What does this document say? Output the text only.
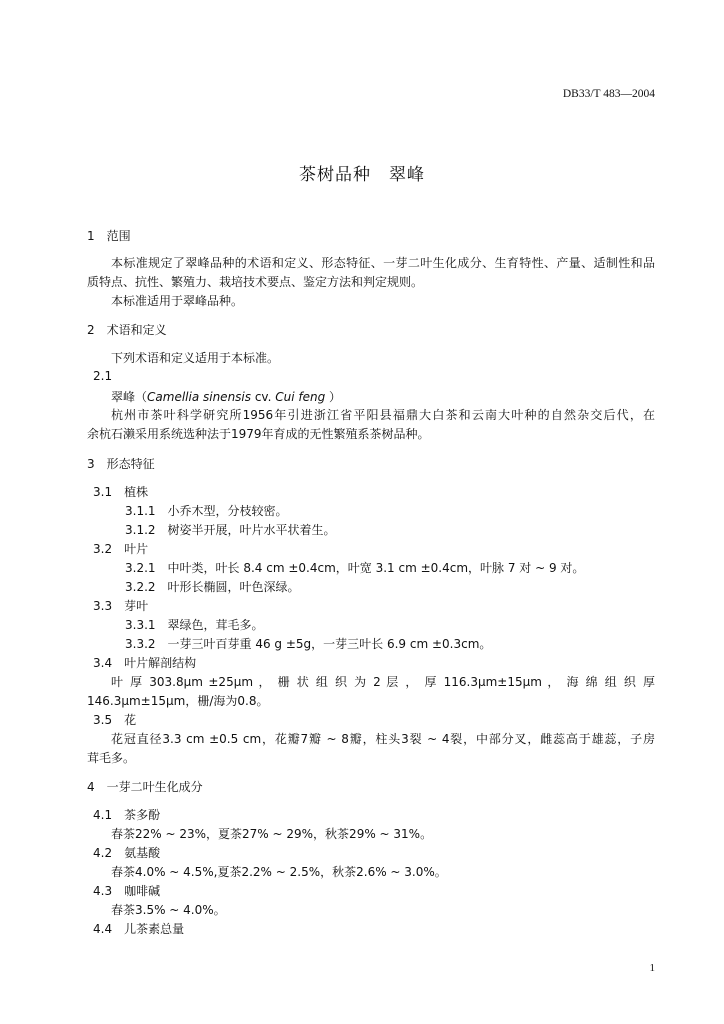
DB33/T 483—2004
茶树品种　翠峰
1　范围
本标准规定了翠峰品种的术语和定义、形态特征、一芽二叶生化成分、生育特性、产量、适制性和品
质特点、抗性、繁殖力、栽培技术要点、鉴定方法和判定规则。
本标准适用于翠峰品种。
2　术语和定义
下列术语和定义适用于本标准。
2.1
翠峰（Camellia sinensis cv. Cui feng ）
杭州市茶叶科学研究所1956年引进浙江省平阳县福鼎大白茶和云南大叶种的自然杂交后代，在
余杭石濑采用系统选种法于1979年育成的无性繁殖系茶树品种。
3　形态特征
3.1　植株
3.1.1　小乔木型，分枝较密。
3.1.2　树姿半开展，叶片水平状着生。
3.2　叶片
3.2.1　中叶类，叶长 8.4 cm ±0.4cm，叶宽 3.1 cm ±0.4cm，叶脉 7 对 ~ 9 对。
3.2.2　叶形长椭圆，叶色深绿。
3.3　芽叶
3.3.1　翠绿色，茸毛多。
3.3.2　一芽三叶百芽重 46 g ±5g，一芽三叶长 6.9 cm ±0.3cm。
3.4　叶片解剖结构
叶 厚 303.8μm ±25μm ， 栅 状 组 织 为 2 层 ， 厚 116.3μm±15μm ， 海 绵 组 织 厚
146.3μm±15μm，栅/海为0.8。
3.5　花
花冠直径3.3 cm ±0.5 cm，花瓣7瓣 ~ 8瓣，柱头3裂 ~ 4裂，中部分叉，雌蕊高于雄蕊，子房
茸毛多。
4　一芽二叶生化成分
4.1　茶多酚
春茶22% ~ 23%，夏茶27% ~ 29%，秋茶29% ~ 31%。
4.2　氨基酸
春茶4.0% ~ 4.5%,夏茶2.2% ~ 2.5%，秋茶2.6% ~ 3.0%。
4.3　咖啡碱
春茶3.5% ~ 4.0%。
4.4　儿茶素总量
1
